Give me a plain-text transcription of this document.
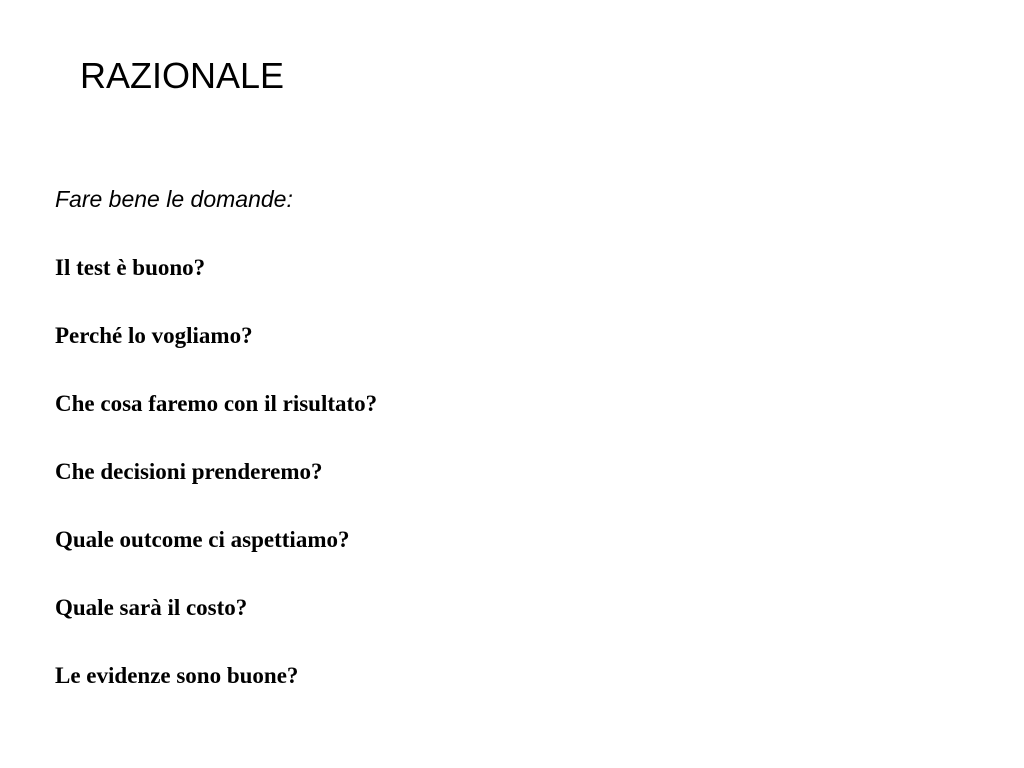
RAZIONALE

Fare bene le domande:

Il test è buono?

Perché lo vogliamo?

Che cosa faremo con il risultato?

Che decisioni prenderemo?

Quale outcome ci aspettiamo?

Quale sarà il costo?

Le evidenze sono buone?
